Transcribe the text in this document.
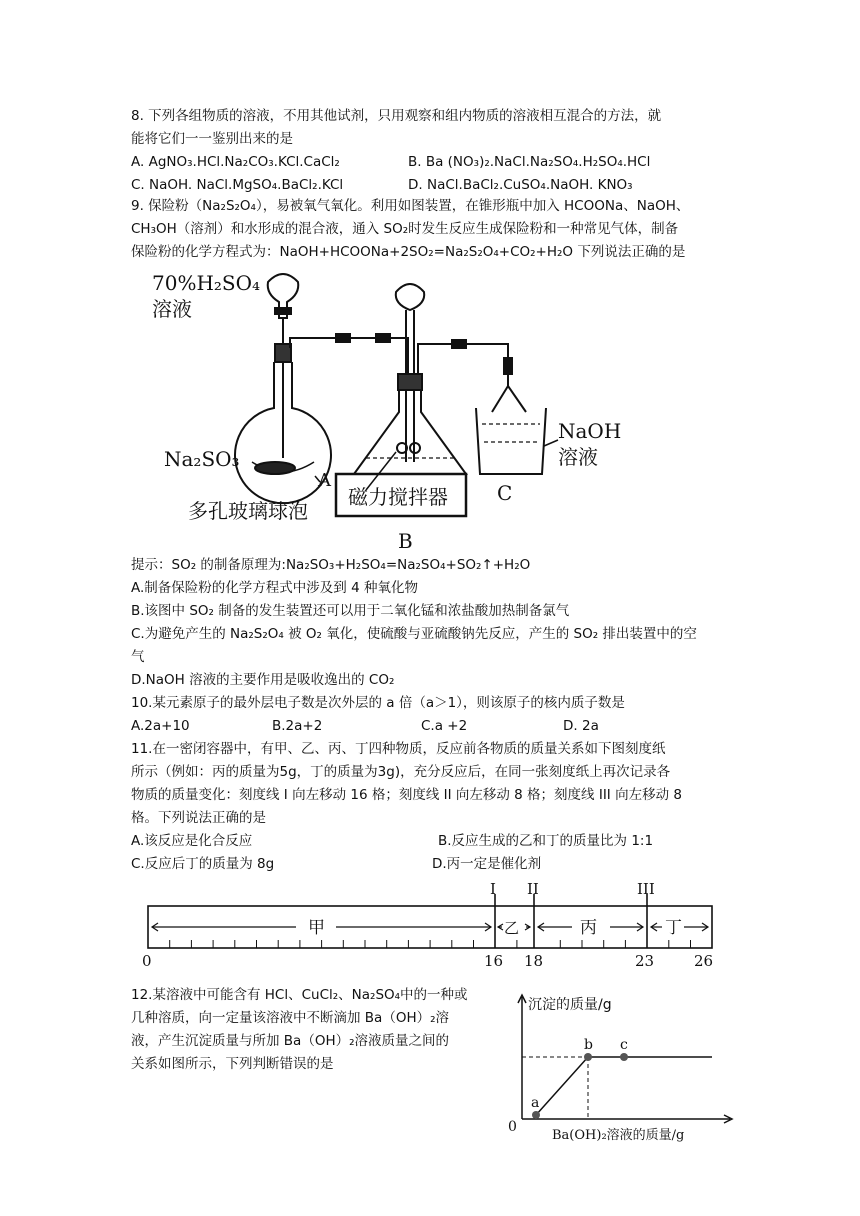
8. 下列各组物质的溶液，不用其他试剂，只用观察和组内物质的溶液相互混合的方法，就
能将它们一一鉴别出来的是
A. AgNO₃.HCl.Na₂CO₃.KCl.CaCl₂	B. Ba (NO₃)₂.NaCl.Na₂SO₄.H₂SO₄.HCl
C. NaOH. NaCl.MgSO₄.BaCl₂.KCl	D. NaCl.BaCl₂.CuSO₄.NaOH. KNO₃
9. 保险粉（Na₂S₂O₄），易被氧气氧化。利用如图装置，在锥形瓶中加入 HCOONa、NaOH、
CH₃OH（溶剂）和水形成的混合液，通入 SO₂时发生反应生成保险粉和一种常见气体，制备
保险粉的化学方程式为：NaOH+HCOONa+2SO₂=Na₂S₂O₄+CO₂+H₂O 下列说法正确的是
70%H₂SO₄
溶液
Na₂SO₃
A
多孔玻璃球泡
磁力搅拌器
B
NaOH
溶液
C
提示：SO₂ 的制备原理为:Na₂SO₃+H₂SO₄=Na₂SO₄+SO₂↑+H₂O
A.制备保险粉的化学方程式中涉及到 4 种氧化物
B.该图中 SO₂ 制备的发生装置还可以用于二氧化锰和浓盐酸加热制备氯气
C.为避免产生的 Na₂S₂O₄ 被 O₂ 氧化，使硫酸与亚硫酸钠先反应，产生的 SO₂ 排出装置中的空
气
D.NaOH 溶液的主要作用是吸收逸出的 CO₂
10.某元素原子的最外层电子数是次外层的 a 倍（a＞1），则该原子的核内质子数是
A.2a+10	B.2a+2	C.a +2	D. 2a
11.在一密闭容器中，有甲、乙、丙、丁四种物质，反应前各物质的质量关系如下图刻度纸
所示（例如：丙的质量为5g，丁的质量为3g)，充分反应后，在同一张刻度纸上再次记录各
物质的质量变化：刻度线 I 向左移动 16 格；刻度线 II 向左移动 8 格；刻度线 III 向左移动 8
格。下列说法正确的是
A.该反应是化合反应	B.反应生成的乙和丁的质量比为 1:1
C.反应后丁的质量为 8g	D.丙一定是催化剂
I II	III
甲	乙	丙	丁
0	16 18	23	26
12.某溶液中可能含有 HCl、CuCl₂、Na₂SO₄中的一种或
几种溶质，向一定量该溶液中不断滴加 Ba（OH）₂溶
液，产生沉淀质量与所加 Ba（OH）₂溶液质量之间的
关系如图所示，下列判断错误的是
沉淀的质量/g
0
a
b c
Ba(OH)₂溶液的质量/g
